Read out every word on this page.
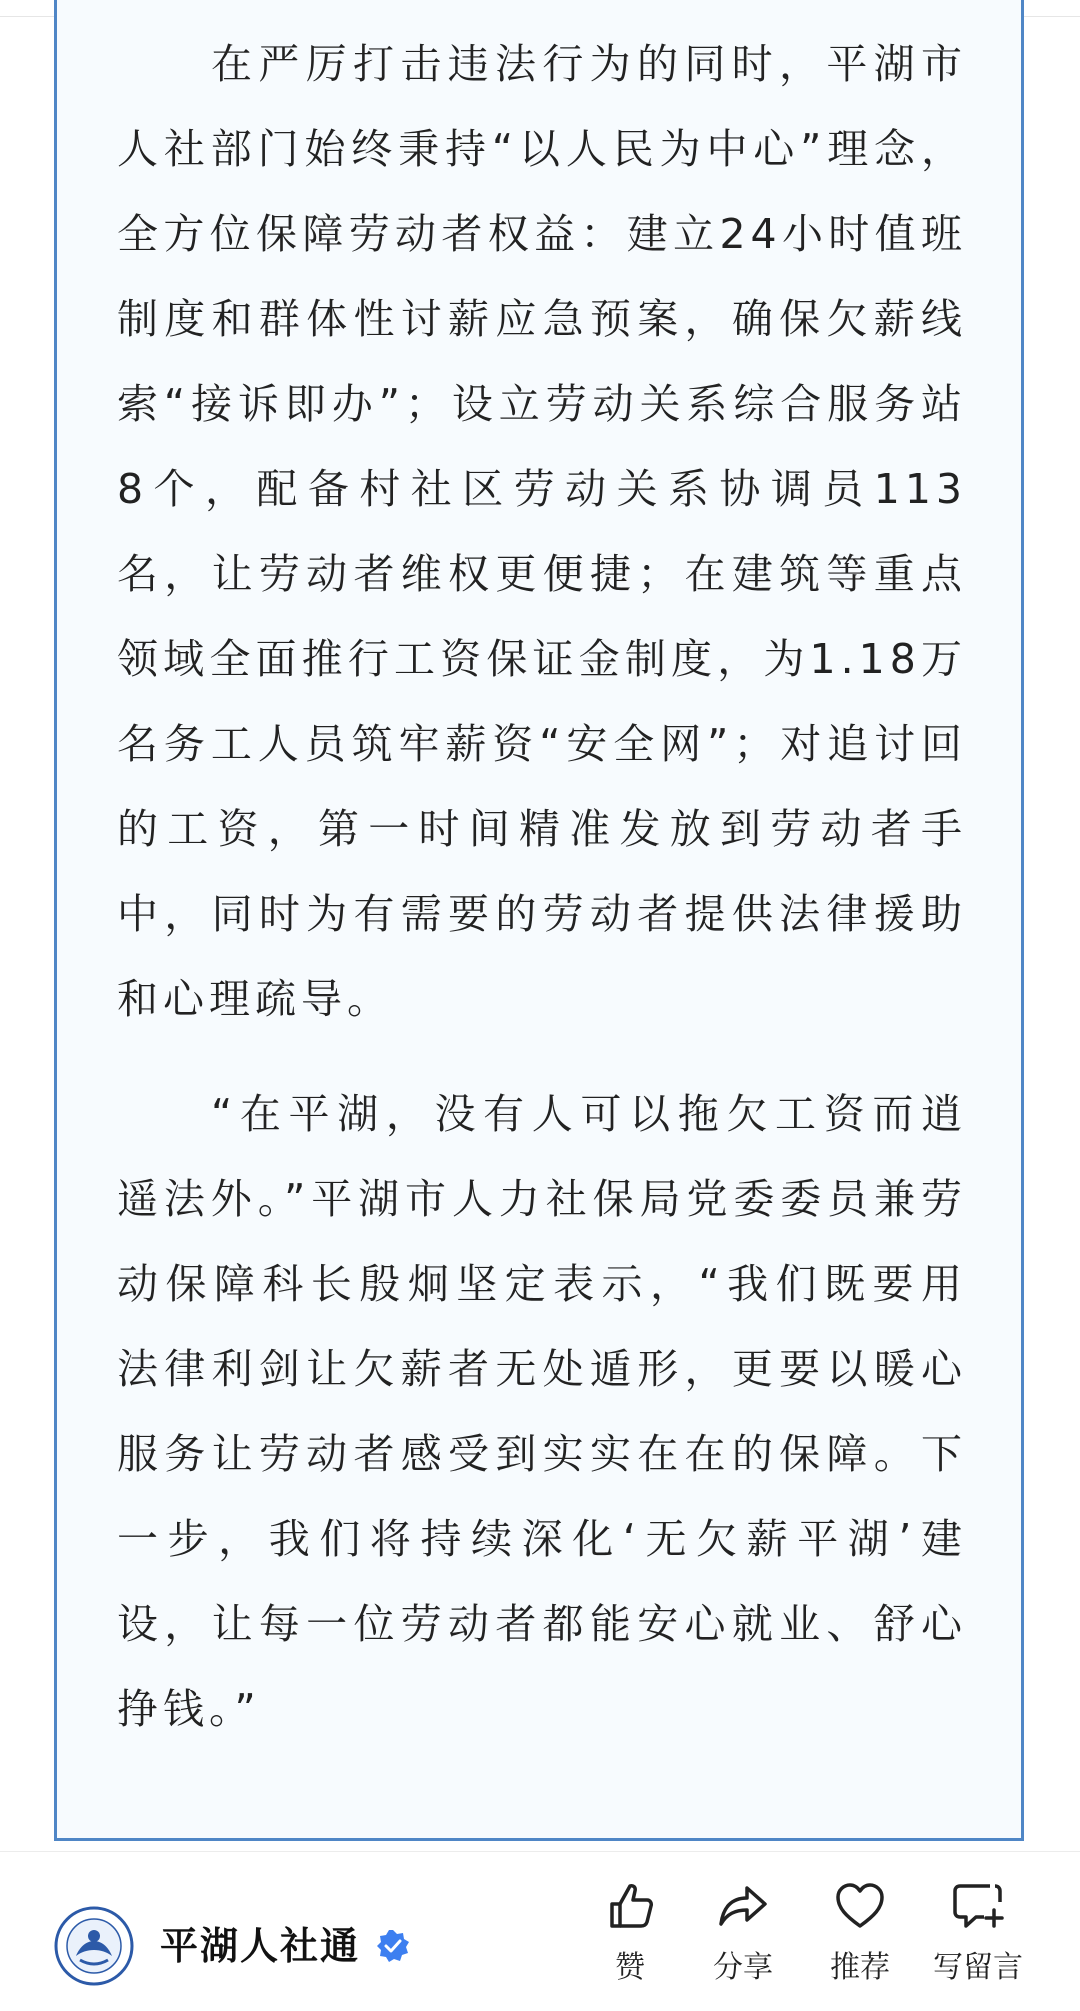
在严厉打击违法行为的同时，平湖市人社部门始终秉持“以人民为中心”理念，全方位保障劳动者权益：建立24小时值班制度和群体性讨薪应急预案，确保欠薪线索“接诉即办”；设立劳动关系综合服务站8个，配备村社区劳动关系协调员113名，让劳动者维权更便捷；在建筑等重点领域全面推行工资保证金制度，为1.18万名务工人员筑牢薪资“安全网”；对追讨回的工资，第一时间精准发放到劳动者手中，同时为有需要的劳动者提供法律援助和心理疏导。

“在平湖，没有人可以拖欠工资而逍遥法外。”平湖市人力社保局党委委员兼劳动保障科长殷炯坚定表示，“我们既要用法律利剑让欠薪者无处遁形，更要以暖心服务让劳动者感受到实实在在的保障。下一步，我们将持续深化‘无欠薪平湖’建设，让每一位劳动者都能安心就业、舒心挣钱。”

平湖人社通	赞	分享	推荐	写留言
